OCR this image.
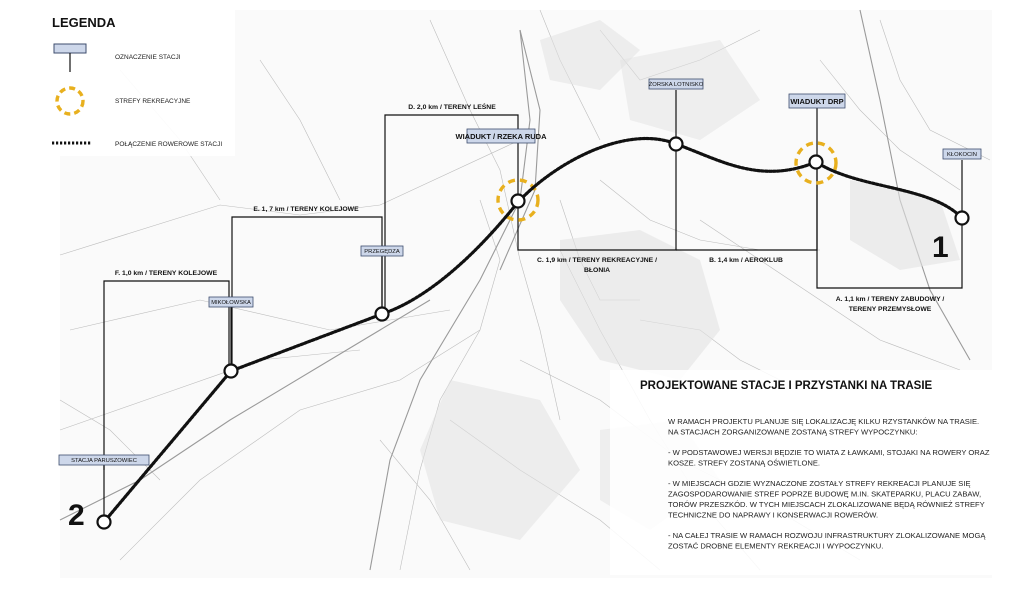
STACJA PARUSZOWIEC
MIKOŁOWSKA
PRZEGĘDZA
WIADUKT / RZEKA RUDA
ŻORSKA LOTNISKO
WIADUKT DRP
KŁOKOCIN
D. 2,0 km / TERENY LEŚNE
E. 1, 7 km / TERENY KOLEJOWE
F. 1,0 km / TERENY KOLEJOWE
C. 1,9 km / TERENY REKREACYJNE /
BŁONIA
B. 1,4 km / AEROKLUB
A. 1,1 km / TERENY ZABUDOWY /
TERENY PRZEMYSŁOWE
1
2
LEGENDA
OZNACZENIE STACJI
STREFY REKREACYJNE
POŁĄCZENIE ROWEROWE STACJI
PROJEKTOWANE STACJE I PRZYSTANKI NA TRASIE
W RAMACH PROJEKTU PLANUJE SIĘ LOKALIZACJĘ KILKU RZYSTANKÓW NA TRASIE.
NA STACJACH ZORGANIZOWANE ZOSTANĄ STREFY WYPOCZYNKU:
- W PODSTAWOWEJ WERSJI BĘDZIE TO WIATA Z ŁAWKAMI, STOJAKI NA ROWERY ORAZ
KOSZE. STREFY ZOSTANĄ OŚWIETLONE.
- W MIEJSCACH GDZIE WYZNACZONE ZOSTAŁY STREFY REKREACJI PLANUJE SIĘ
ZAGOSPODAROWANIE STREF POPRZE BUDOWĘ M.IN. SKATEPARKU, PLACU ZABAW,
TORÓW PRZESZKÓD. W TYCH MIEJSCACH ZLOKALIZOWANE BĘDĄ RÓWNIEŻ STREFY
TECHNICZNE DO NAPRAWY I KONSERWACJI ROWERÓW.
- NA CAŁEJ TRASIE W RAMACH ROZWOJU INFRASTRUKTURY ZLOKALIZOWANE MOGĄ
ZOSTAĆ DROBNE ELEMENTY REKREACJI I WYPOCZYNKU.
